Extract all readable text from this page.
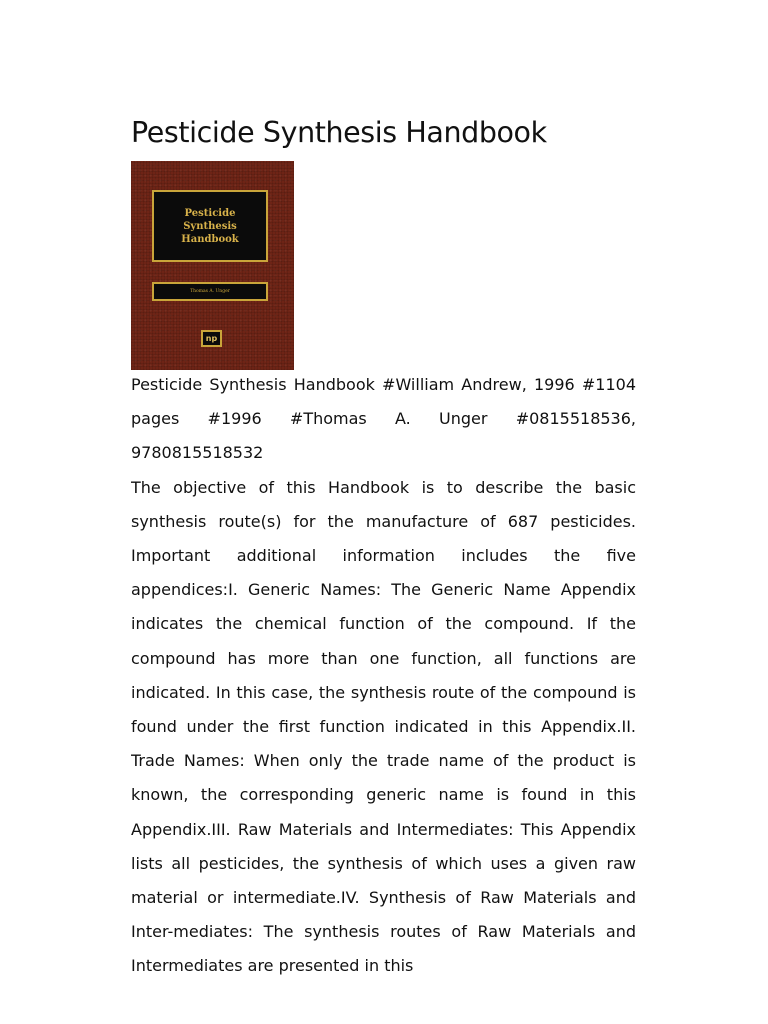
Pesticide Synthesis Handbook
Pesticide
Synthesis
Handbook
Thomas A. Unger
np

Pesticide Synthesis Handbook #William Andrew, 1996 #1104 pages #1996 #Thomas A. Unger #0815518536, 9780815518532

The objective of this Handbook is to describe the basic synthesis route(s) for the manufacture of 687 pesticides. Important additional information includes the five appendices:I. Generic Names: The Generic Name Appendix indicates the chemical function of the compound. If the compound has more than one function, all functions are indicated. In this case, the synthesis route of the compound is found under the first function indicated in this Appendix.II. Trade Names: When only the trade name of the product is known, the corresponding generic name is found in this Appendix.III. Raw Materials and Intermediates: This Appendix lists all pesticides, the synthesis of which uses a given raw material or intermediate.IV. Synthesis of Raw Materials and Inter-mediates: The synthesis routes of Raw Materials and Intermediates are presented in this
